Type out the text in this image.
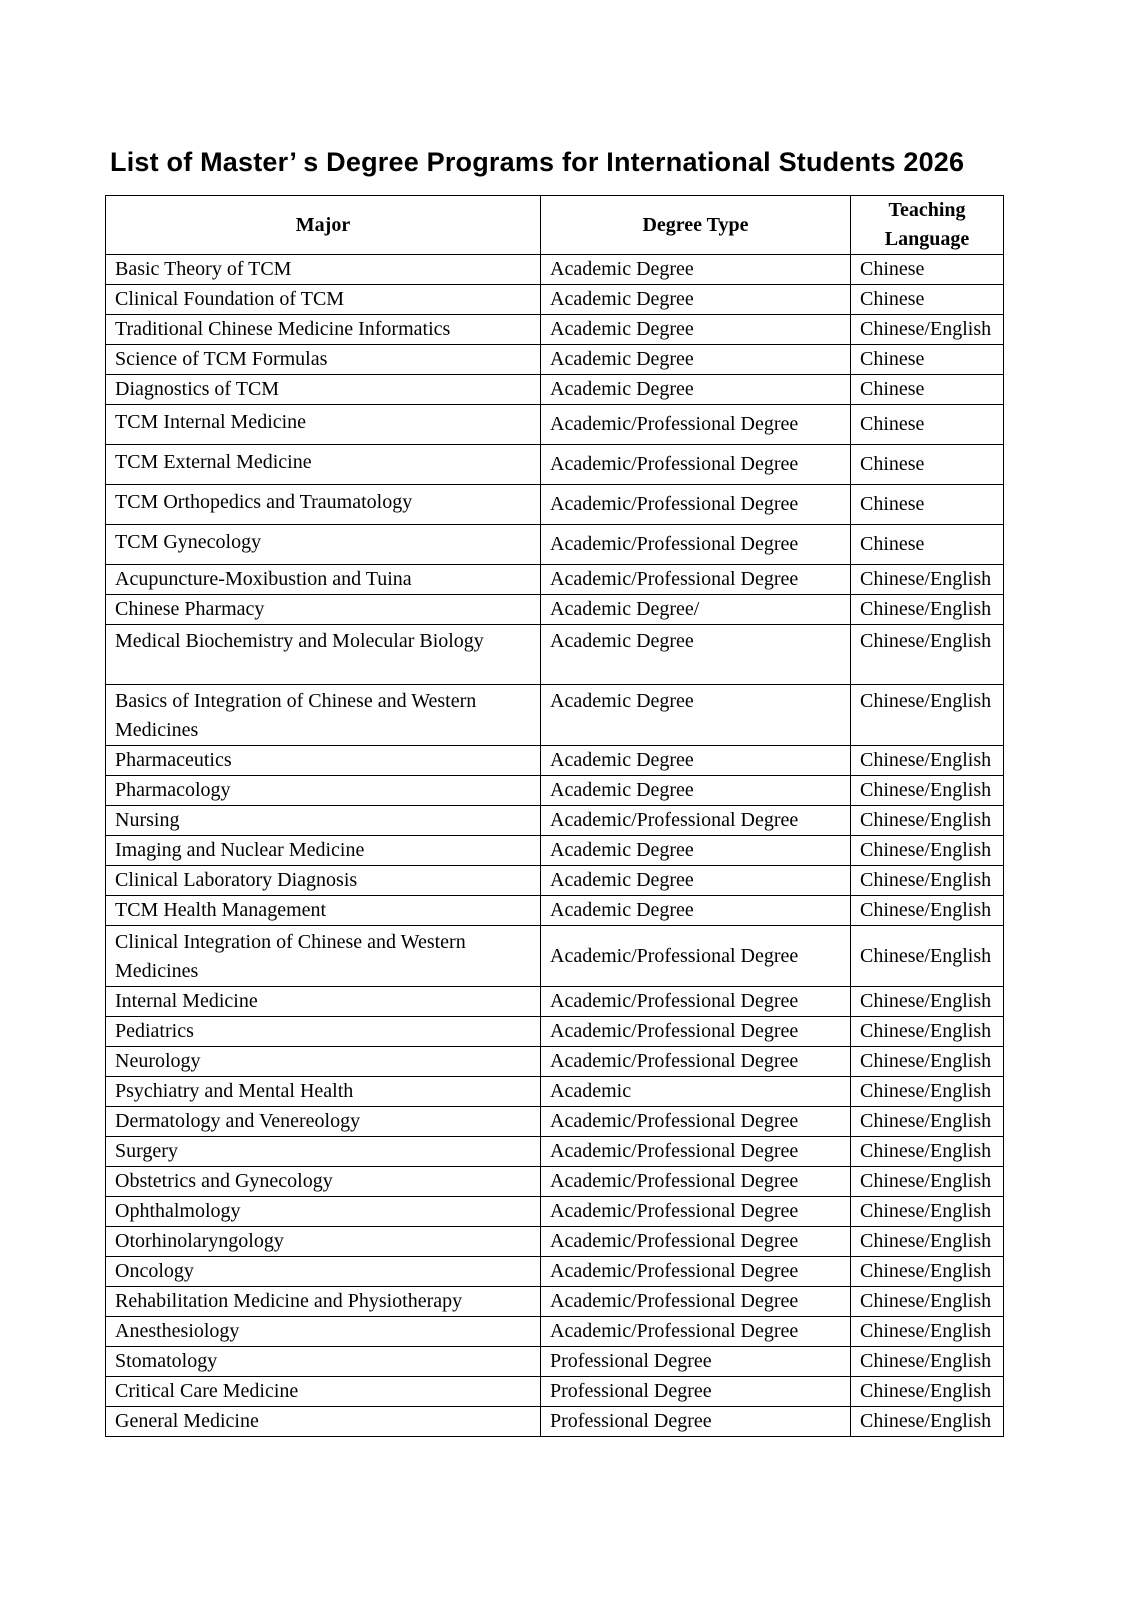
List of Master’ s Degree Programs for International Students 2026
Major	Degree Type	Teaching Language
Basic Theory of TCM	Academic Degree	Chinese
Clinical Foundation of TCM	Academic Degree	Chinese
Traditional Chinese Medicine Informatics	Academic Degree	Chinese/English
Science of TCM Formulas	Academic Degree	Chinese
Diagnostics of TCM	Academic Degree	Chinese
TCM Internal Medicine	Academic/Professional Degree	Chinese
TCM External Medicine	Academic/Professional Degree	Chinese
TCM Orthopedics and Traumatology	Academic/Professional Degree	Chinese
TCM Gynecology	Academic/Professional Degree	Chinese
Acupuncture-Moxibustion and Tuina	Academic/Professional Degree	Chinese/English
Chinese Pharmacy	Academic Degree/	Chinese/English
Medical Biochemistry and Molecular Biology	Academic Degree	Chinese/English
Basics of Integration of Chinese and Western Medicines	Academic Degree	Chinese/English
Pharmaceutics	Academic Degree	Chinese/English
Pharmacology	Academic Degree	Chinese/English
Nursing	Academic/Professional Degree	Chinese/English
Imaging and Nuclear Medicine	Academic Degree	Chinese/English
Clinical Laboratory Diagnosis	Academic Degree	Chinese/English
TCM Health Management	Academic Degree	Chinese/English
Clinical Integration of Chinese and Western Medicines	Academic/Professional Degree	Chinese/English
Internal Medicine	Academic/Professional Degree	Chinese/English
Pediatrics	Academic/Professional Degree	Chinese/English
Neurology	Academic/Professional Degree	Chinese/English
Psychiatry and Mental Health	Academic	Chinese/English
Dermatology and Venereology	Academic/Professional Degree	Chinese/English
Surgery	Academic/Professional Degree	Chinese/English
Obstetrics and Gynecology	Academic/Professional Degree	Chinese/English
Ophthalmology	Academic/Professional Degree	Chinese/English
Otorhinolaryngology	Academic/Professional Degree	Chinese/English
Oncology	Academic/Professional Degree	Chinese/English
Rehabilitation Medicine and Physiotherapy	Academic/Professional Degree	Chinese/English
Anesthesiology	Academic/Professional Degree	Chinese/English
Stomatology	Professional Degree	Chinese/English
Critical Care Medicine	Professional Degree	Chinese/English
General Medicine	Professional Degree	Chinese/English
